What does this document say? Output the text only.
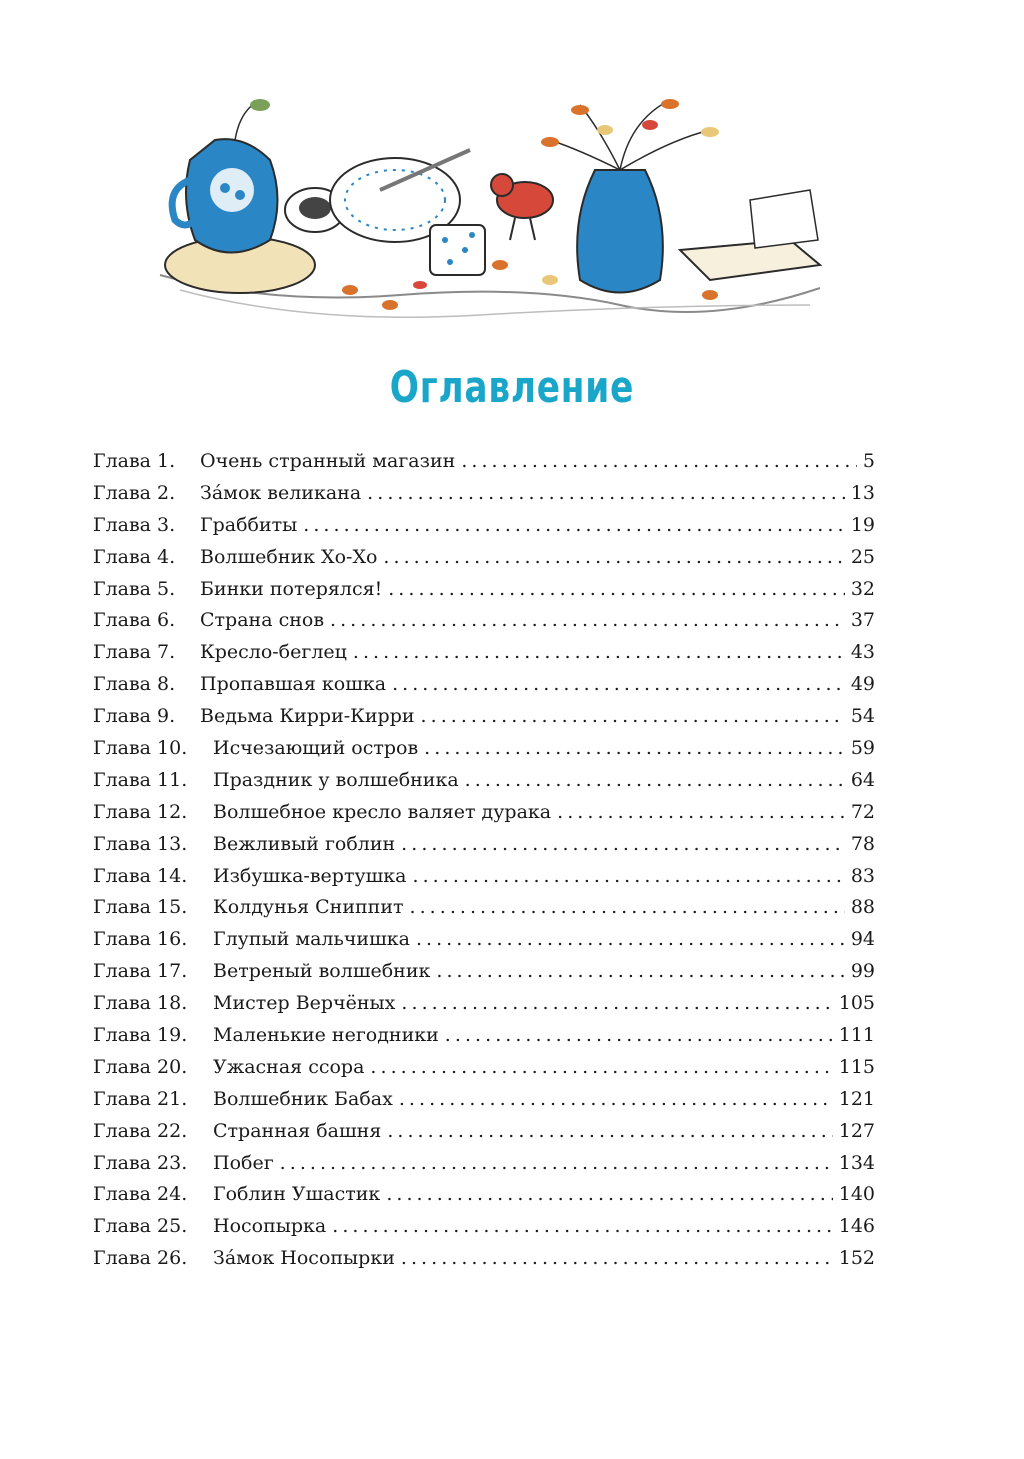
Оглавление
Глава 1.	Очень странный магазин . . .	5
Глава 2.	За́мок великана . . .	13
Глава 3.	Граббиты . . .	19
Глава 4.	Волшебник Хо-Хо . . .	25
Глава 5.	Бинки потерялся! . . .	32
Глава 6.	Страна снов . . .	37
Глава 7.	Кресло-беглец . . .	43
Глава 8.	Пропавшая кошка . . .	49
Глава 9.	Ведьма Кирри-Кирри . . .	54
Глава 10.	Исчезающий остров . . .	59
Глава 11.	Праздник у волшебника . . .	64
Глава 12.	Волшебное кресло валяет дурака . . .	72
Глава 13.	Вежливый гоблин . . .	78
Глава 14.	Избушка-вертушка . . .	83
Глава 15.	Колдунья Сниппит . . .	88
Глава 16.	Глупый мальчишка . . .	94
Глава 17.	Ветреный волшебник . . .	99
Глава 18.	Мистер Верчёных . . .	105
Глава 19.	Маленькие негодники . . .	111
Глава 20.	Ужасная ссора . . .	115
Глава 21.	Волшебник Бабах . . .	121
Глава 22.	Странная башня . . .	127
Глава 23.	Побег . . .	134
Глава 24.	Гоблин Ушастик . . .	140
Глава 25.	Носопырка . . .	146
Глава 26.	За́мок Носопырки . . .	152
